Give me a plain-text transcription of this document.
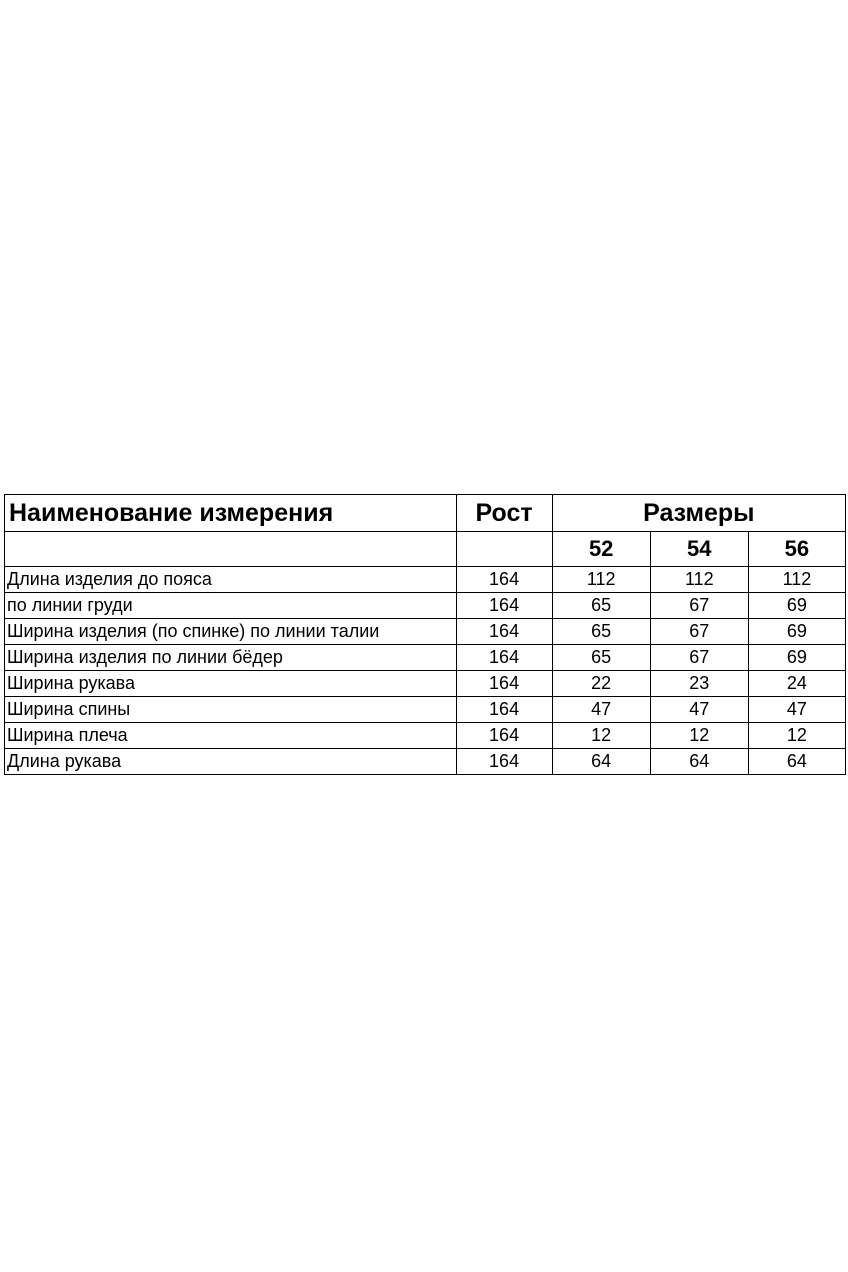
Наименование измерения	Рост	Размеры		
		52	54	56
Длина изделия до пояса	164	112	112	112
по линии груди	164	65	67	69
Ширина изделия (по спинке) по линии талии	164	65	67	69
Ширина изделия по линии бёдер	164	65	67	69
Ширина рукава	164	22	23	24
Ширина спины	164	47	47	47
Ширина плеча	164	12	12	12
Длина рукава	164	64	64	64
